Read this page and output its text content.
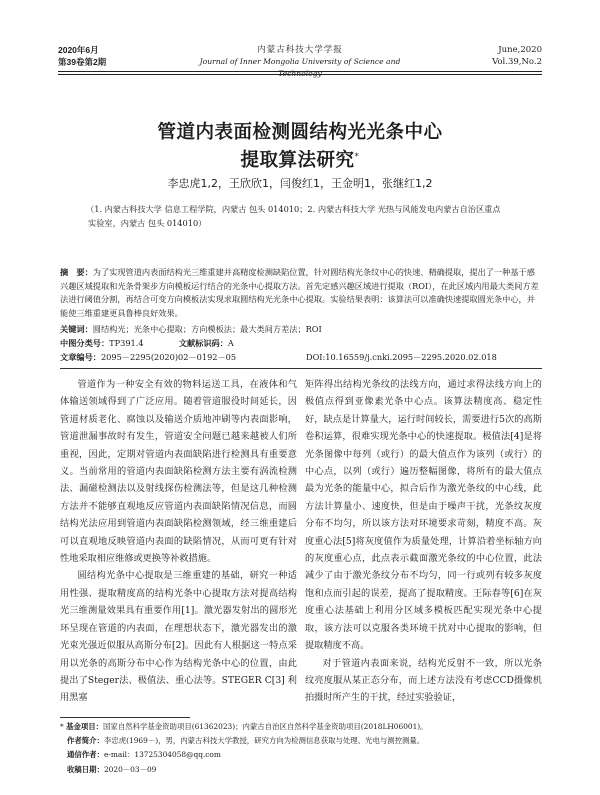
2020年6月
第39卷第2期
内蒙古科技大学学报
Journal of Inner Mongolia University of Science and Technology
June,2020
Vol.39,No.2
管道内表面检测圆结构光光条中心
提取算法研究*
李忠虎1,2，王欣欣1，闫俊红1，王金明1，张继红1,2
（1. 内蒙古科技大学 信息工程学院，内蒙古 包头 014010；2. 内蒙古科技大学 光热与风能发电内蒙古自治区重点
实验室，内蒙古 包头 014010）
摘　要：为了实现管道内表面结构光三维重建并高精度检测缺陷位置，针对圆结构光条纹中心的快速、精确提取，提出了一种基于感兴趣区域提取和光条骨架步方向模板运行结合的光条中心提取方法。首先定感兴趣区域进行提取（ROI），在此区域内用最大类间方差法进行阈值分割，再结合可变方向模板法实现求取圆结构光光条中心提取。实验结果表明：该算法可以准确快速提取圆光条中心，并能使三维重建更具鲁棒良好效果。
关键词：圆结构光；光条中心提取；方向模板法；最大类间方差法；ROI
中图分类号：TP391.4	文献标识码：A
文章编号：2095－2295(2020)02－0192－05	DOI:10.16559/j.cnki.2095－2295.2020.02.018

管道作为一种安全有效的物料运送工具，在液体和气体输送领域得到了广泛应用。随着管道服役时间延长，因管道材质老化、腐蚀以及输送介质地冲刷等内表面影响，管道泄漏事故时有发生，管道安全问题已越来越被人们所重视，因此，定期对管道内表面缺陷进行检测具有重要意义。当前常用的管道内表面缺陷检测方法主要有涡流检测法、漏磁检测法以及射线探伤检测法等，但是这几种检测方法并不能够直观地反应管道内表面缺陷情况信息，而圆结构光法应用到管道内表面缺陷检测领域，经三维重建后可以直观地反映管道内表面的缺陷情况，从而可更有针对性地采取相应维修或更换等补救措施。

圆结构光条中心提取是三维重建的基础，研究一种适用性强、提取精度高的结构光条中心提取方法对提高结构光三维测量效果具有重要作用[1]。激光器发射出的圆形光环呈现在管道的内表面，在理想状态下，激光器发出的激光束光强近似服从高斯分布[2]。因此有人根据这一特点采用以光条的高斯分布中心作为结构光条中心的位置，由此提出了Steger法、极值法、重心法等。STEGER C[3] 利用黑塞

矩阵得出结构光条纹的法线方向，通过求得法线方向上的极值点得到亚像素光条中心点。该算法精度高、稳定性好，缺点是计算量大，运行时间较长，需要进行5次的高斯卷积运算，很难实现光条中心的快速提取。极值法[4]是将光条图像中每列（或行）的最大值点作为该列（或行）的中心点，以列（或行）遍历整幅图像，将所有的最大值点最为光条的能量中心，拟合后作为激光条纹的中心线，此方法计算量小、速度快，但是由于噪声干扰，光条纹灰度分布不均匀，所以该方法对环境要求苛刻，精度不高。灰度重心法[5]将灰度值作为质量处理，计算沿着坐标轴方向的灰度重心点，此点表示截面激光条纹的中心位置，此法减少了由于激光条纹分布不均匀，同一行或列有较多灰度饱和点而引起的误差，提高了提取精度。王际春等[6]在灰度重心法基础上利用分区域多模板匹配实现光条中心提取，该方法可以克服各类环境干扰对中心提取的影响，但提取精度不高。

对于管道内表面来说，结构光反射不一致，所以光条纹亮度服从某正态分布，而上述方法没有考虑CCD摄像机拍摄时所产生的干扰，经过实验验证，

* 基金项目：国家自然科学基金资助项目(61362023)；内蒙古自治区自然科学基金资助项目(2018LH06001)。
作者简介：李忠虎(1969－)，男，内蒙古科技大学教授，研究方向为检测信息获取与处理、光电与测控测量。
通信作者：e-mail：13725304058@qq.com
收稿日期：2020－03－09
